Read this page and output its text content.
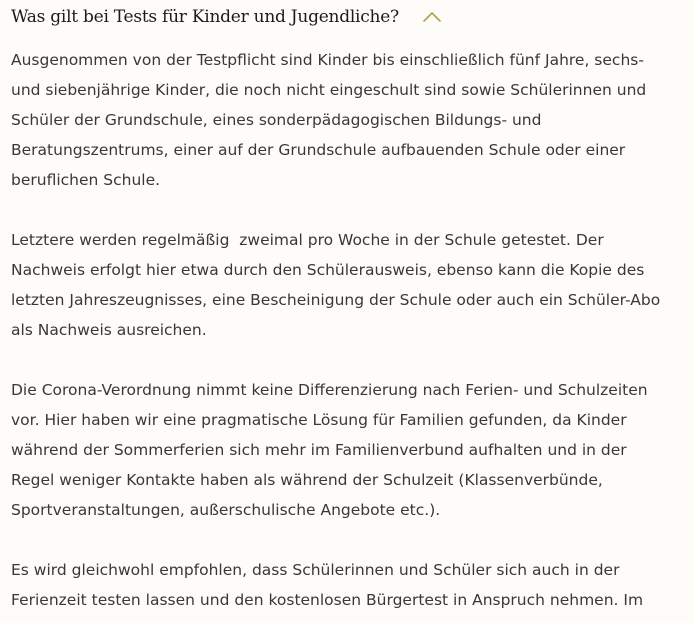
Was gilt bei Tests für Kinder und Jugendliche?

Ausgenommen von der Testpflicht sind Kinder bis einschließlich fünf Jahre, sechs-
und siebenjährige Kinder, die noch nicht eingeschult sind sowie Schülerinnen und
Schüler der Grundschule, eines sonderpädagogischen Bildungs- und
Beratungszentrums, einer auf der Grundschule aufbauenden Schule oder einer
beruflichen Schule.

Letztere werden regelmäßig  zweimal pro Woche in der Schule getestet. Der
Nachweis erfolgt hier etwa durch den Schülerausweis, ebenso kann die Kopie des
letzten Jahreszeugnisses, eine Bescheinigung der Schule oder auch ein Schüler-Abo
als Nachweis ausreichen.

Die Corona-Verordnung nimmt keine Differenzierung nach Ferien- und Schulzeiten
vor. Hier haben wir eine pragmatische Lösung für Familien gefunden, da Kinder
während der Sommerferien sich mehr im Familienverbund aufhalten und in der
Regel weniger Kontakte haben als während der Schulzeit (Klassenverbünde,
Sportveranstaltungen, außerschulische Angebote etc.).

Es wird gleichwohl empfohlen, dass Schülerinnen und Schüler sich auch in der
Ferienzeit testen lassen und den kostenlosen Bürgertest in Anspruch nehmen. Im
